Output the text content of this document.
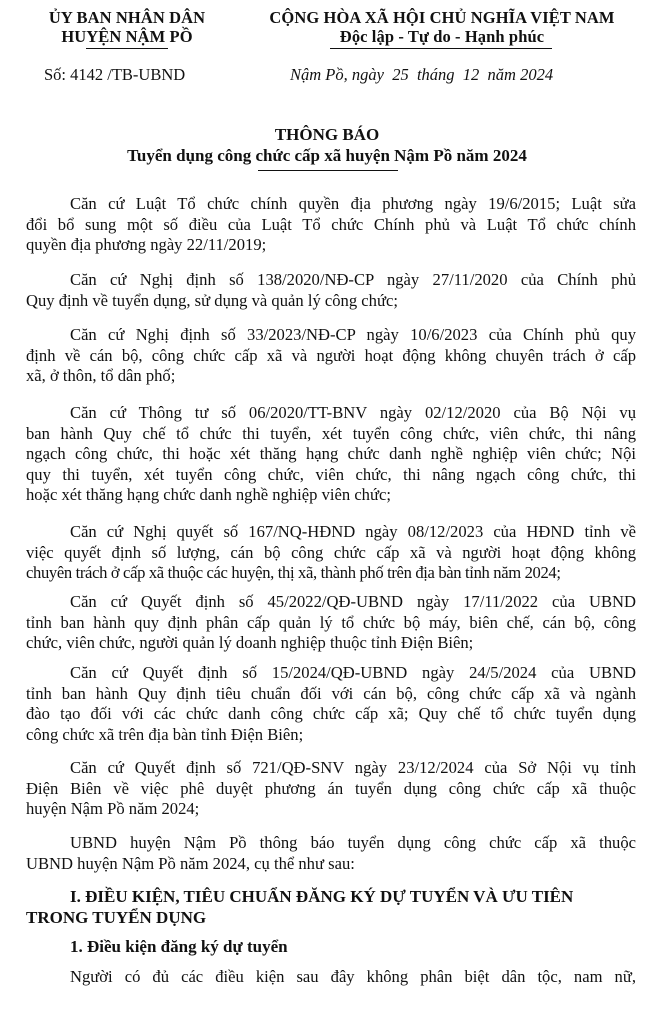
ỦY BAN NHÂN DÂN
HUYỆN NẬM PỒ
CỘNG HÒA XÃ HỘI CHỦ NGHĨA VIỆT NAM
Độc lập - Tự do - Hạnh phúc
Số: 4142 /TB-UBND	Nậm Pồ, ngày  25  tháng  12  năm 2024
THÔNG BÁO
Tuyển dụng công chức cấp xã huyện Nậm Pồ năm 2024
Căn cứ Luật Tổ chức chính quyền địa phương ngày 19/6/2015; Luật sửa
đổi bổ sung một số điều của Luật Tổ chức Chính phủ và Luật Tổ chức chính
quyền địa phương ngày 22/11/2019;
Căn cứ Nghị định số 138/2020/NĐ-CP ngày 27/11/2020 của Chính phủ
Quy định về tuyển dụng, sử dụng và quản lý công chức;
Căn cứ Nghị định số 33/2023/NĐ-CP ngày 10/6/2023 của Chính phủ quy
định về cán bộ, công chức cấp xã và người hoạt động không chuyên trách ở cấp
xã, ở thôn, tổ dân phố;
Căn cứ Thông tư số 06/2020/TT-BNV ngày 02/12/2020 của Bộ Nội vụ
ban hành Quy chế tổ chức thi tuyển, xét tuyển công chức, viên chức, thi nâng
ngạch công chức, thi hoặc xét thăng hạng chức danh nghề nghiệp viên chức; Nội
quy thi tuyển, xét tuyển công chức, viên chức, thi nâng ngạch công chức, thi
hoặc xét thăng hạng chức danh nghề nghiệp viên chức;
Căn cứ Nghị quyết số 167/NQ-HĐND ngày 08/12/2023 của HĐND tỉnh về
việc quyết định số lượng, cán bộ công chức cấp xã và người hoạt động không
chuyên trách ở cấp xã thuộc các huyện, thị xã, thành phố trên địa bàn tỉnh năm 2024;
Căn cứ Quyết định số 45/2022/QĐ-UBND ngày 17/11/2022 của UBND
tỉnh ban hành quy định phân cấp quản lý tổ chức bộ máy, biên chế, cán bộ, công
chức, viên chức, người quản lý doanh nghiệp thuộc tỉnh Điện Biên;
Căn cứ Quyết định số 15/2024/QĐ-UBND ngày 24/5/2024 của UBND
tỉnh ban hành Quy định tiêu chuẩn đối với cán bộ, công chức cấp xã và ngành
đào tạo đối với các chức danh công chức cấp xã; Quy chế tổ chức tuyển dụng
công chức xã trên địa bàn tỉnh Điện Biên;
Căn cứ Quyết định số 721/QĐ-SNV ngày 23/12/2024 của Sở Nội vụ tỉnh
Điện Biên về việc phê duyệt phương án tuyển dụng công chức cấp xã thuộc
huyện Nậm Pồ năm 2024;
UBND huyện Nậm Pồ thông báo tuyển dụng công chức cấp xã thuộc
UBND huyện Nậm Pồ năm 2024, cụ thể như sau:
I. ĐIỀU KIỆN, TIÊU CHUẨN ĐĂNG KÝ DỰ TUYỂN VÀ ƯU TIÊN
TRONG TUYỂN DỤNG
1. Điều kiện đăng ký dự tuyển
Người có đủ các điều kiện sau đây không phân biệt dân tộc, nam nữ,
